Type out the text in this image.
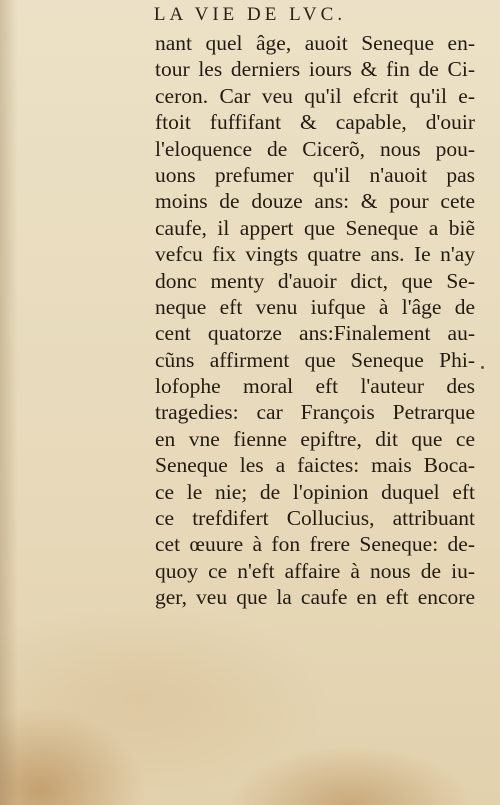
LA VIE DE LVC.
nant quel âge, auoit Seneque en-
tour les derniers iours & fin de Ci-
ceron. Car veu qu'il efcrit qu'il e-
ftoit fuffifant & capable, d'ouir
l'eloquence de Cicerõ, nous pou-
uons prefumer qu'il n'auoit pas
moins de douze ans: & pour cete
caufe, il appert que Seneque a biẽ
vefcu fix vingts quatre ans. Ie n'ay
donc menty d'auoir dict, que Se-
neque eft venu iufque à l'âge de
cent quatorze ans:Finalement au-
cũns affirment que Seneque Phi-
lofophe moral eft l'auteur des
tragedies: car François Petrarque
en vne fienne epiftre, dit que ce
Seneque les a faictes: mais Boca-
ce le nie; de l'opinion duquel eft
ce trefdifert Collucius, attribuant
cet œuure à fon frere Seneque: de-
quoy ce n'eft affaire à nous de iu-
ger, veu que la caufe en eft encore
